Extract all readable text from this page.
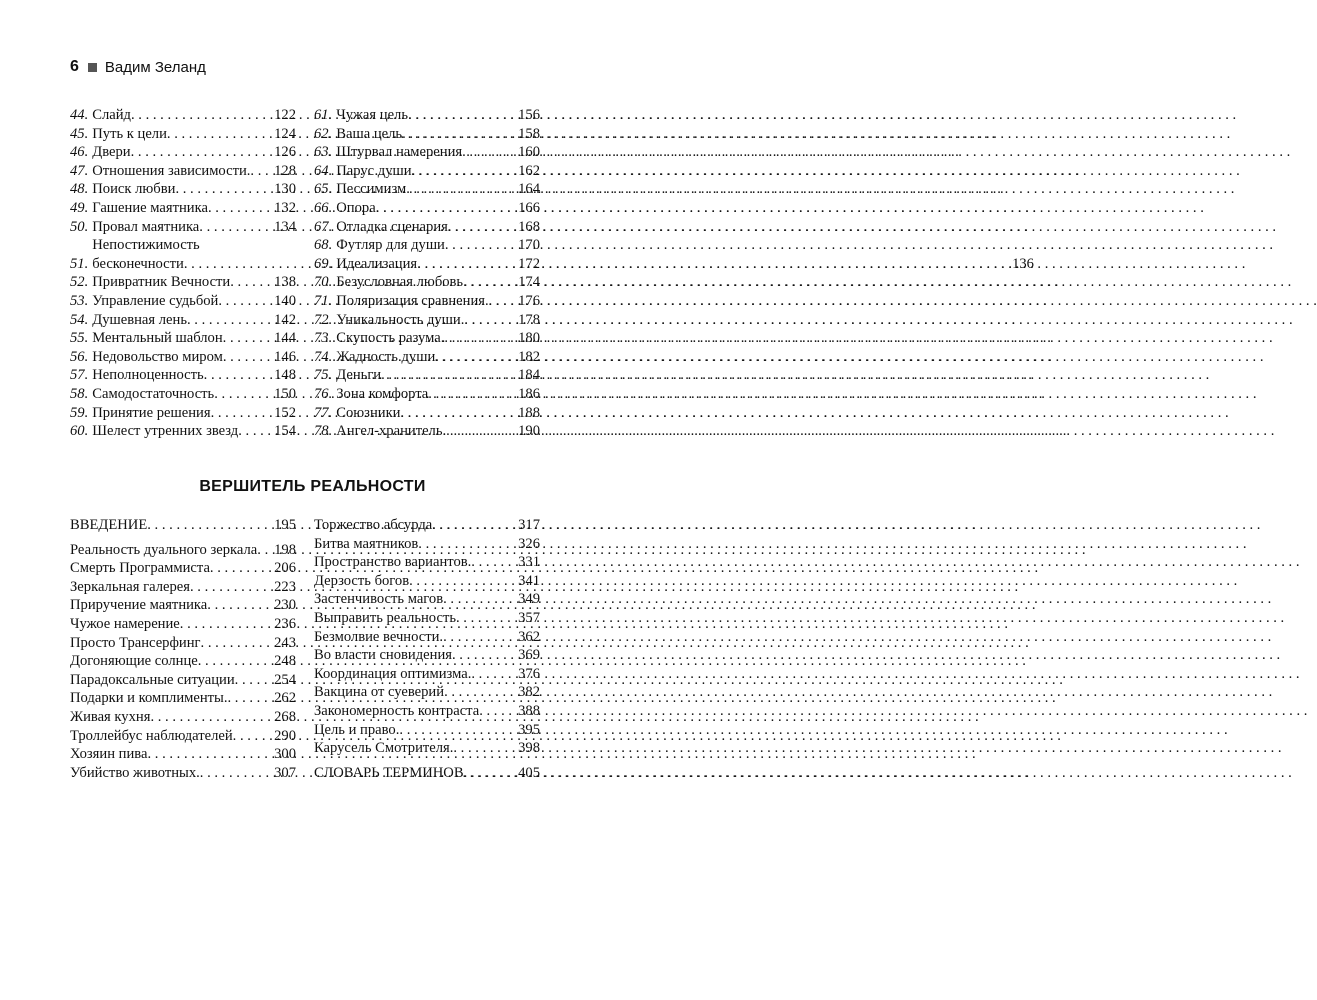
6 Вадим Зеланд
44. Слайд . . .	122
45. Путь к цели . . .	124
46. Двери . . .	126
47. Отношения зависимости. . . . 128
48. Поиск любви . . .	130
49. Гашение маятника . . .	132
50. Провал маятника . . .	134
51.
Непостижимость
бесконечности . . .	136
52. Привратник Вечности . . .	138
53. Управление судьбой . . .	140
54. Душевная лень . . .	142
55. Ментальный шаблон . . .	144
56. Недовольство миром . . .	146
57. Неполноценность . . .	148
58. Самодостаточность . . .	150
59. Принятие решения . . .	152
60. Шелест утренних звезд . . . 154
61. Чужая цель . . .	156
62. Ваша цель . . .	158
63. Штурвал намерения . . .	160
64. Парус души . . .	162
65. Пессимизм . . .	164
66. Опора . . .	166
67. Отладка сценария . . .	168
68. Футляр для души . . .	170
69. Идеализация . . .	172
70. Безусловная любовь . . .	174
71. Поляризация сравнения. . . . 176
72. Уникальность души. . . .	178
73. Скупость разума. . . .	180
74. Жадность души . . .	182
75. Деньги . . .	184
76. Зона комфорта . . .	186
77. Союзники . . .	188
78. Ангел-хранитель. . . .	190
ВЕРШИТЕЛЬ РЕАЛЬНОСТИ
ВВЕДЕНИЕ . . .	195
Реальность дуального зеркала . . . 198
Смерть Программиста . . .	206
Зеркальная галерея . . .	223
Приручение маятника . . .	230
Чужое намерение . . .	236
Просто Трансерфинг . . .	243
Догоняющие солнце . . .	248
Парадоксальные ситуации . . .	254
Подарки и комплименты. . . .	262
Живая кухня . . .	268
Троллейбус наблюдателей . . .	290
Хозяин пива . . .	300
Убийство животных. . . .	307
Торжество абсурда . . .	317
Битва маятников . . .	326
Пространство вариантов. . . .	331
Дерзость богов . . .	341
Застенчивость магов . . .	349
Выправить реальность . . .	357
Безмолвие вечности. . . .	362
Во власти сновидения . . .	369
Координация оптимизма. . . .	376
Вакцина от суеверий . . .	382
Закономерность контраста . . .	388
Цель и право. . . .	395
Карусель Смотрителя. . . .	398
СЛОВАРЬ ТЕРМИНОВ . . .	405
